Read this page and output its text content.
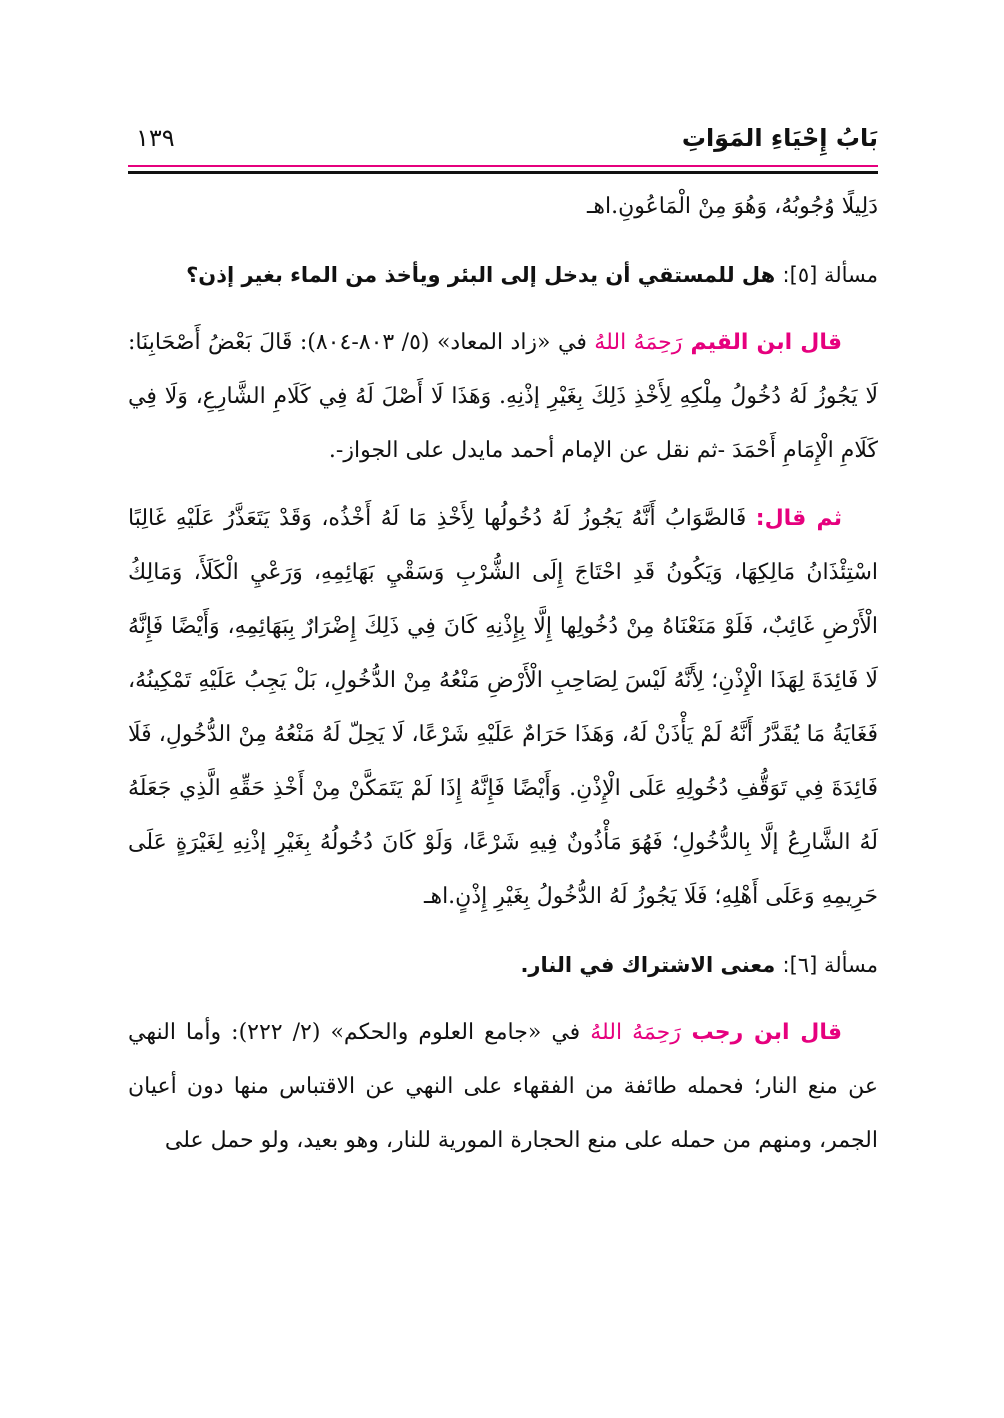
بَابُ إِحْيَاءِ المَوَاتِ
١٣٩

دَلِيلًا وُجُوبُهُ، وَهُوَ مِنْ الْمَاعُونِ.اهـ

مسألة [٥]: هل للمستقي أن يدخل إلى البئر ويأخذ من الماء بغير إذن؟

قال ابن القيم رَحِمَهُ اللهُ في «زاد المعاد» (٥/ ٨٠٣-٨٠٤): قَالَ بَعْضُ أَصْحَابِنَا: لَا يَجُوزُ لَهُ دُخُولُ مِلْكِهِ لِأَخْذِ ذَلِكَ بِغَيْرِ إذْنِهِ. وَهَذَا لَا أَصْلَ لَهُ فِي كَلَامِ الشَّارِعِ، وَلَا فِي كَلَامِ الْإِمَامِ أَحْمَدَ -ثم نقل عن الإمام أحمد مايدل على الجواز-.

ثم قال: فَالصَّوَابُ أَنَّهُ يَجُوزُ لَهُ دُخُولُها لِأَخْذِ مَا لَهُ أَخْذُه، وَقَدْ يَتَعَذَّرُ عَلَيْهِ غَالِبًا اسْتِئْذَانُ مَالِكِهَا، وَيَكُونُ قَدِ احْتَاجَ إِلَى الشُّرْبِ وَسَقْيِ بَهَائِمِهِ، وَرَعْيِ الْكَلَأَ، وَمَالِكُ الْأَرْضِ غَائِبٌ، فَلَوْ مَنَعْنَاهُ مِنْ دُخُولِها إِلَّا بِإِذْنِهِ كَانَ فِي ذَلِكَ إِضْرَارٌ بِبَهَائِمِهِ، وَأَيْضًا فَإِنَّهُ لَا فَائِدَةَ لِهَذَا الْإِذْنِ؛ لِأَنَّهُ لَيْسَ لِصَاحِبِ الْأَرْضِ مَنْعُهُ مِنْ الدُّخُولِ، بَلْ يَجِبُ عَلَيْهِ تَمْكِينُهُ، فَغَايَةُ مَا يُقَدَّرُ أَنَّهُ لَمْ يَأْذَنْ لَهُ، وَهَذَا حَرَامٌ عَلَيْهِ شَرْعًا، لَا يَحِلّ لَهُ مَنْعُهُ مِنْ الدُّخُولِ، فَلَا فَائِدَةَ فِي تَوَقُّفِ دُخُولِهِ عَلَى الْإِذْنِ. وَأَيْضًا فَإِنَّهُ إِذَا لَمْ يَتَمَكَّنْ مِنْ أَخْذِ حَقِّهِ الَّذِي جَعَلَهُ لَهُ الشَّارِعُ إلَّا بِالدُّخُولِ؛ فَهُوَ مَأْذُونٌ فِيهِ شَرْعًا، وَلَوْ كَانَ دُخُولُهُ بِغَيْرِ إذْنِهِ لِغَيْرَةٍ عَلَى حَرِيمِهِ وَعَلَى أَهْلِهِ؛ فَلَا يَجُوزُ لَهُ الدُّخُولُ بِغَيْرِ إِذْنٍ.اهـ

مسألة [٦]: معنى الاشتراك في النار.

قال ابن رجب رَحِمَهُ اللهُ في «جامع العلوم والحكم» (٢/ ٢٢٢): وأما النهي عن منع النار؛ فحمله طائفة من الفقهاء على النهي عن الاقتباس منها دون أعيان الجمر، ومنهم من حمله على منع الحجارة المورية للنار، وهو بعيد، ولو حمل على
